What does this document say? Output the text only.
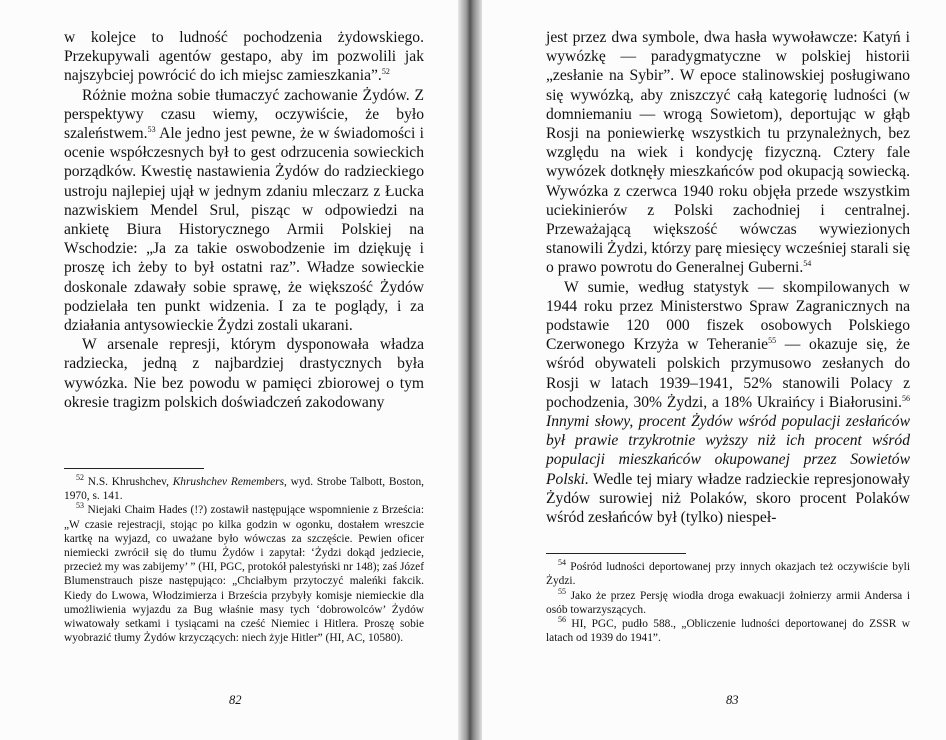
w kolejce to ludność pochodzenia żydowskiego. Przekupywali agentów gestapo, aby im pozwolili jak najszybciej powrócić do ich miejsc zamieszkania”.$^{52}$

Różnie można sobie tłumaczyć zachowanie Żydów. Z perspektywy czasu wiemy, oczywiście, że było szaleństwem.$^{53}$ Ale jedno jest pewne, że w świadomości i ocenie współczesnych był to gest odrzucenia sowieckich porządków. Kwestię nastawienia Żydów do radzieckiego ustroju najlepiej ujął w jednym zdaniu mleczarz z Łucka nazwiskiem Mendel Srul, pisząc w odpowiedzi na ankietę Biura Historycznego Armii Polskiej na Wschodzie: „Ja za takie oswobodzenie im dziękuję i proszę ich żeby to był ostatni raz”. Władze sowieckie doskonale zdawały sobie sprawę, że większość Żydów podzielała ten punkt widzenia. I za te poglądy, i za działania antysowieckie Żydzi zostali ukarani.

W arsenale represji, którym dysponowała władza radziecka, jedną z najbardziej drastycznych była wywózka. Nie bez powodu w pamięci zbiorowej o tym okresie tragizm polskich doświadczeń zakodowany

$^{52}$ N.S. Khrushchev, Khrushchev Remembers, wyd. Strobe Talbott, Boston, 1970, s. 141.

$^{53}$ Niejaki Chaim Hades (!?) zostawił następujące wspomnienie z Brześcia: „W czasie rejestracji, stojąc po kilka godzin w ogonku, dostałem wreszcie kartkę na wyjazd, co uważane było wówczas za szczęście. Pewien oficer niemiecki zwrócił się do tłumu Żydów i zapytał: ‘Żydzi dokąd jedziecie, przecież my was zabijemy’ ” (HI, PGC, protokół palestyński nr 148); zaś Józef Blumenstrauch pisze następująco: „Chciałbym przytoczyć maleńki fakcik. Kiedy do Lwowa, Włodzimierza i Brześcia przybyły komisje niemieckie dla umożliwienia wyjazdu za Bug właśnie masy tych ‘dobrowolców’ Żydów wiwatowały setkami i tysiącami na cześć Niemiec i Hitlera. Proszę sobie wyobrazić tłumy Żydów krzyczących: niech żyje Hitler” (HI, AC, 10580).

82

jest przez dwa symbole, dwa hasła wywoławcze: Katyń i wywózkę — paradygmatyczne w polskiej historii „zesłanie na Sybir”. W epoce stalinowskiej posługiwano się wywózką, aby zniszczyć całą kategorię ludności (w domniemaniu — wrogą Sowietom), deportując w głąb Rosji na poniewierkę wszystkich tu przynależnych, bez względu na wiek i kondycję fizyczną. Cztery fale wywózek dotknęły mieszkańców pod okupacją sowiecką. Wywózka z czerwca 1940 roku objęła przede wszystkim uciekinierów z Polski zachodniej i centralnej. Przeważającą większość wówczas wywiezionych stanowili Żydzi, którzy parę miesięcy wcześniej starali się o prawo powrotu do Generalnej Guberni.$^{54}$

W sumie, według statystyk — skompilowanych w 1944 roku przez Ministerstwo Spraw Zagranicznych na podstawie 120 000 fiszek osobowych Polskiego Czerwonego Krzyża w Teheranie$^{55}$ — okazuje się, że wśród obywateli polskich przymusowo zesłanych do Rosji w latach 1939–1941, 52% stanowili Polacy z pochodzenia, 30% Żydzi, a 18% Ukraińcy i Białorusini.$^{56}$ Innymi słowy, procent Żydów wśród populacji zesłańców był prawie trzykrotnie wyższy niż ich procent wśród populacji mieszkańców okupowanej przez Sowietów Polski. Wedle tej miary władze radzieckie represjonowały Żydów surowiej niż Polaków, skoro procent Polaków wśród zesłańców był (tylko) niespeł-

$^{54}$ Pośród ludności deportowanej przy innych okazjach też oczywiście byli Żydzi.

$^{55}$ Jako że przez Persję wiodła droga ewakuacji żołnierzy armii Andersa i osób towarzyszących.

$^{56}$ HI, PGC, pudło 588., „Obliczenie ludności deportowanej do ZSSR w latach od 1939 do 1941”.

83
